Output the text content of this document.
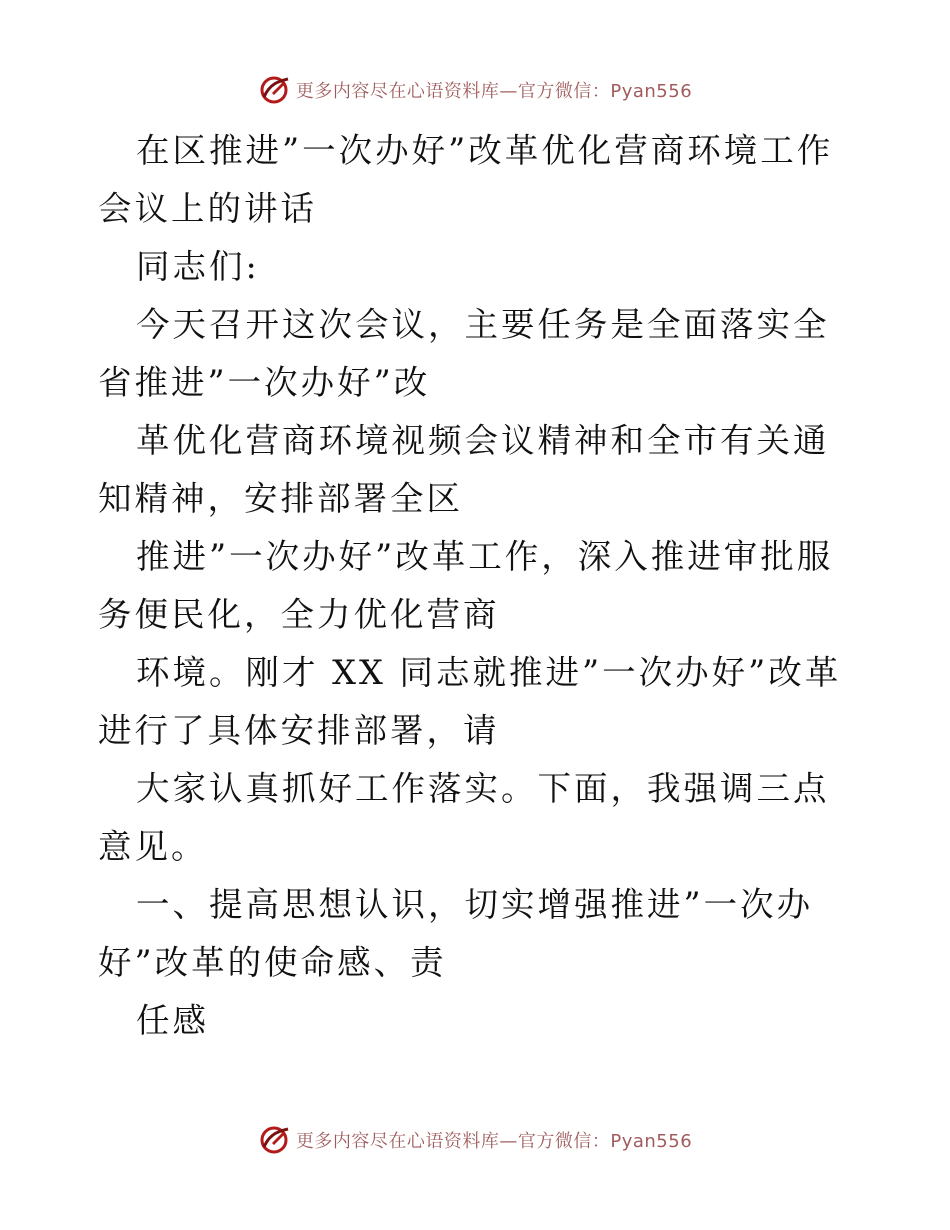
更多内容尽在心语资料库—官方微信：Pyan556

在区推进”一次办好”改革优化营商环境工作会议上的讲话

同志们:

今天召开这次会议，主要任务是全面落实全省推进”一次办好”改

革优化营商环境视频会议精神和全市有关通知精神，安排部署全区

推进”一次办好”改革工作，深入推进审批服务便民化，全力优化营商

环境。刚才 XX 同志就推进”一次办好”改革进行了具体安排部署，请

大家认真抓好工作落实。下面，我强调三点意见。

一、提高思想认识，切实增强推进”一次办好”改革的使命感、责

任感

更多内容尽在心语资料库—官方微信：Pyan556
